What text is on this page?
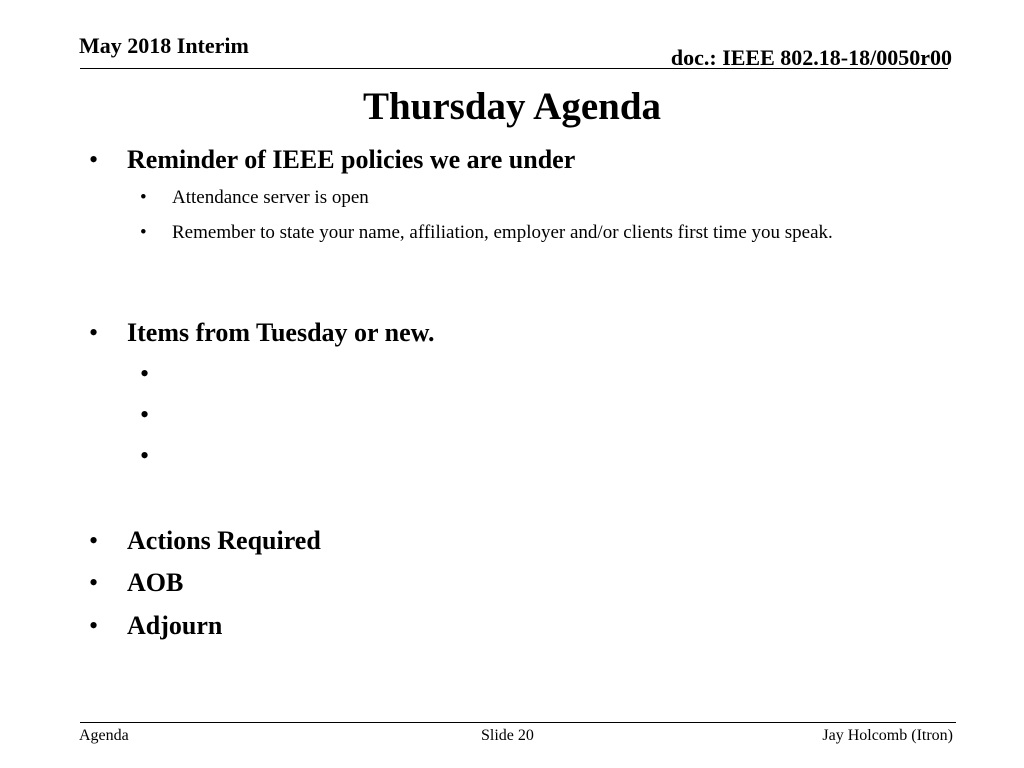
May 2018 Interim	doc.: IEEE 802.18-18/0050r00
Thursday Agenda
• Reminder of IEEE policies we are under
• Attendance server is open
• Remember to state your name, affiliation, employer and/or clients first time you speak.
• Items from Tuesday or new.
•
•
•
• Actions Required
• AOB
• Adjourn
Agenda	Slide 20	Jay Holcomb (Itron)
